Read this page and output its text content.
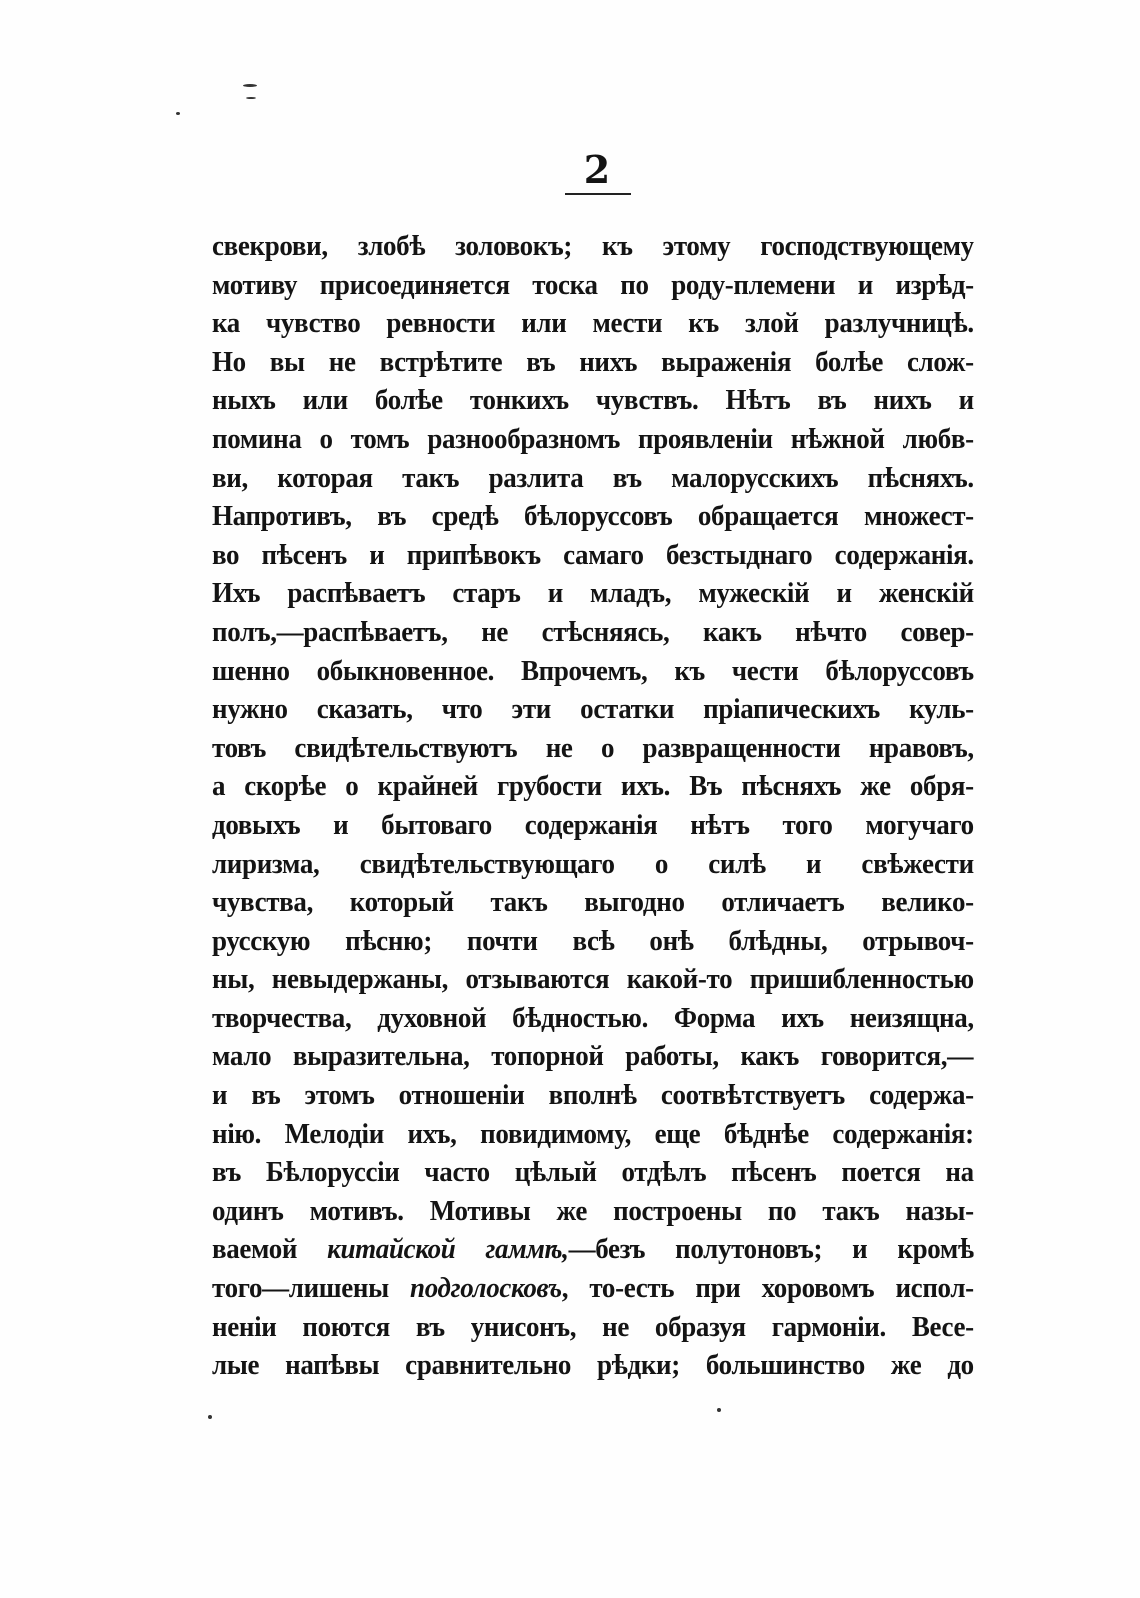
2
свекрови, злобѣ золовокъ; къ этому господствующему
мотиву присоединяется тоска по роду-племени и изрѣд-
ка чувство ревности или мести къ злой разлучницѣ.
Но вы не встрѣтите въ нихъ выраженія болѣе слож-
ныхъ или болѣе тонкихъ чувствъ. Нѣтъ въ нихъ и
помина о томъ разнообразномъ проявленіи нѣжной любв-
ви, которая такъ разлита въ малорусскихъ пѣсняхъ.
Напротивъ, въ средѣ бѣлоруссовъ обращается множест-
во пѣсенъ и припѣвокъ самаго безстыднаго содержанія.
Ихъ распѣваетъ старъ и младъ, мужескій и женскій
полъ,—распѣваетъ, не стѣсняясь, какъ нѣчто совер-
шенно обыкновенное. Впрочемъ, къ чести бѣлоруссовъ
нужно сказать, что эти остатки пріапическихъ куль-
товъ свидѣтельствуютъ не о развращенности нравовъ,
а скорѣе о крайней грубости ихъ. Въ пѣсняхъ же обря-
довыхъ и бытоваго содержанія нѣтъ того могучаго
лиризма, свидѣтельствующаго о силѣ и свѣжести
чувства, который такъ выгодно отличаетъ велико-
русскую пѣсню; почти всѣ онѣ блѣдны, отрывоч-
ны, невыдержаны, отзываются какой-то пришибленностью
творчества, духовной бѣдностью. Форма ихъ неизящна,
мало выразительна, топорной работы, какъ говорится,—
и въ этомъ отношеніи вполнѣ соотвѣтствуетъ содержа-
нію. Мелодіи ихъ, повидимому, еще бѣднѣе содержанія:
въ Бѣлоруссіи часто цѣлый отдѣлъ пѣсенъ поется на
одинъ мотивъ. Мотивы же построены по такъ назы-
ваемой китайской гаммѣ,—безъ полутоновъ; и кромѣ
того—лишены подголосковъ, то-есть при хоровомъ испол-
неніи поются въ унисонъ, не образуя гармоніи. Весе-
лые напѣвы сравнительно рѣдки; большинство же до
